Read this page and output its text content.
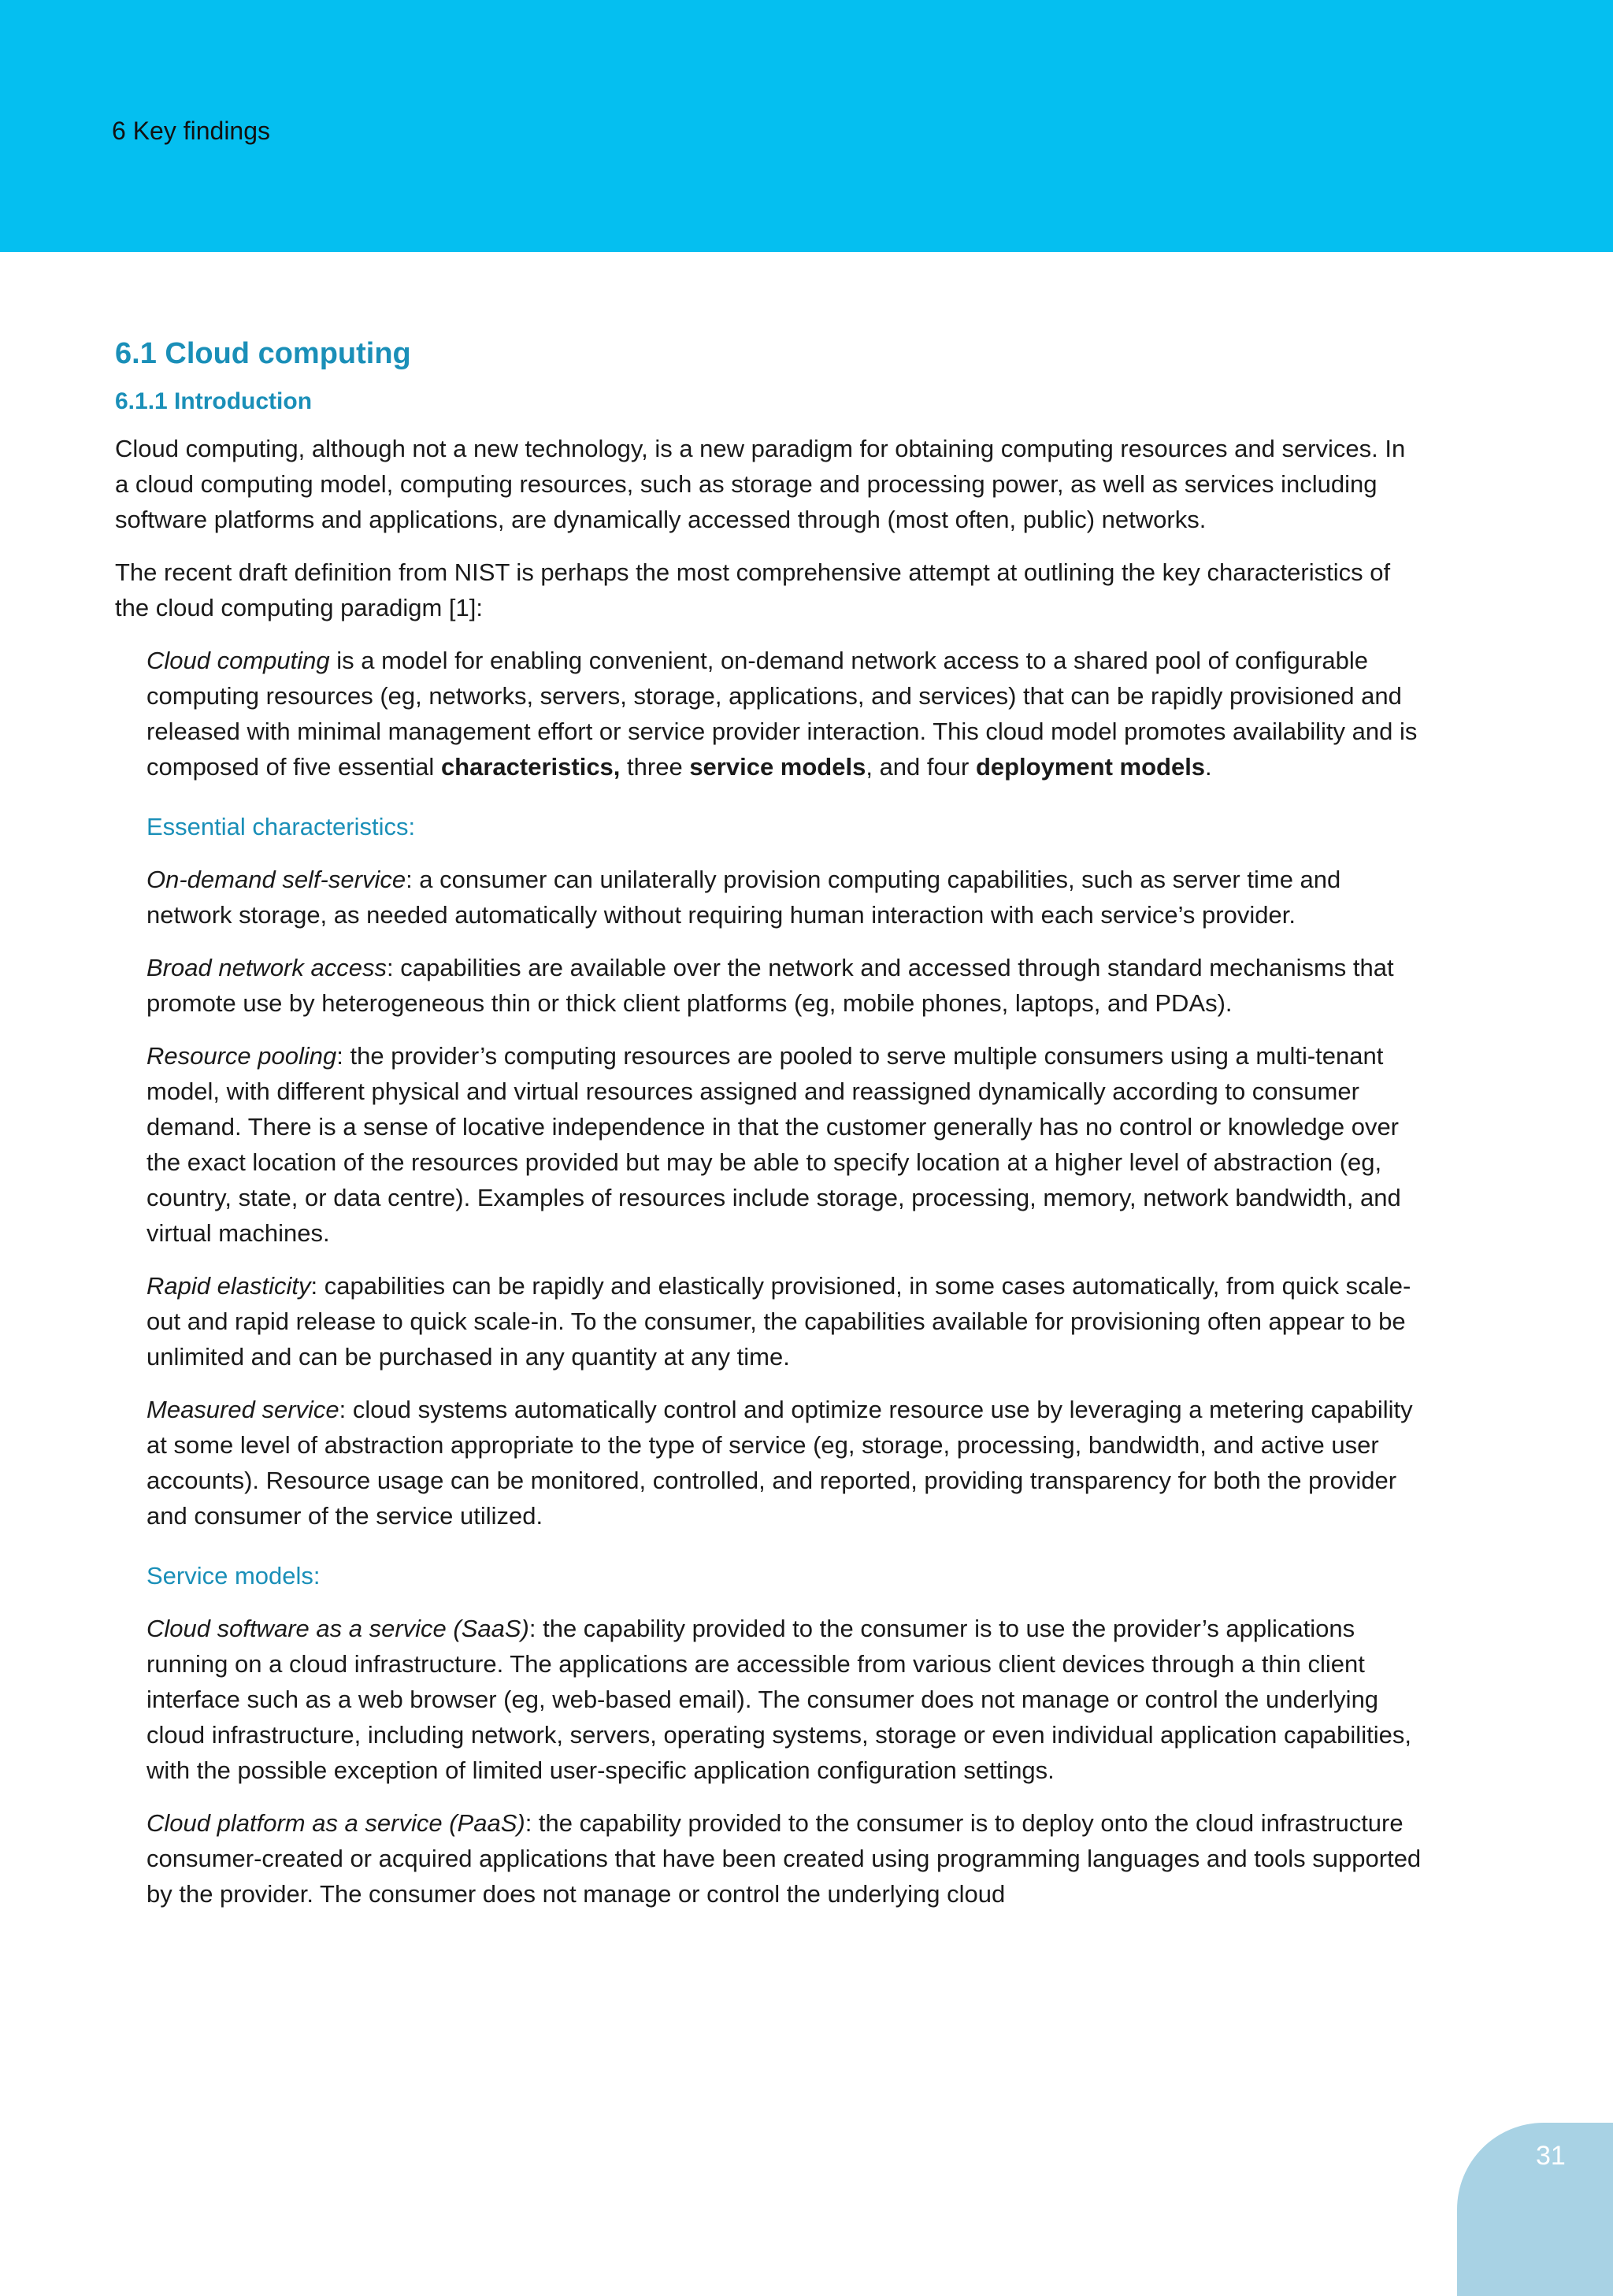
6 Key findings
6.1 Cloud computing
6.1.1 Introduction

Cloud computing, although not a new technology, is a new paradigm for obtaining computing resources and services. In a cloud computing model, computing resources, such as storage and processing power, as well as services including software platforms and applications, are dynamically accessed through (most often, public) networks.

The recent draft definition from NIST is perhaps the most comprehensive attempt at outlining the key characteristics of the cloud computing paradigm [1]:

Cloud computing is a model for enabling convenient, on-demand network access to a shared pool of configurable computing resources (eg, networks, servers, storage, applications, and services) that can be rapidly provisioned and released with minimal management effort or service provider interaction. This cloud model promotes availability and is composed of five essential characteristics, three service models, and four deployment models.

Essential characteristics:

On-demand self-service: a consumer can unilaterally provision computing capabilities, such as server time and network storage, as needed automatically without requiring human interaction with each service’s provider.

Broad network access: capabilities are available over the network and accessed through standard mechanisms that promote use by heterogeneous thin or thick client platforms (eg, mobile phones, laptops, and PDAs).

Resource pooling: the provider’s computing resources are pooled to serve multiple consumers using a multi-tenant model, with different physical and virtual resources assigned and reassigned dynamically according to consumer demand. There is a sense of locative independence in that the customer generally has no control or knowledge over the exact location of the resources provided but may be able to specify location at a higher level of abstraction (eg, country, state, or data centre). Examples of resources include storage, processing, memory, network bandwidth, and virtual machines.

Rapid elasticity: capabilities can be rapidly and elastically provisioned, in some cases automatically, from quick scale-out and rapid release to quick scale-in. To the consumer, the capabilities available for provisioning often appear to be unlimited and can be purchased in any quantity at any time.

Measured service: cloud systems automatically control and optimize resource use by leveraging a metering capability at some level of abstraction appropriate to the type of service (eg, storage, processing, bandwidth, and active user accounts). Resource usage can be monitored, controlled, and reported, providing transparency for both the provider and consumer of the service utilized.

Service models:

Cloud software as a service (SaaS): the capability provided to the consumer is to use the provider’s applications running on a cloud infrastructure. The applications are accessible from various client devices through a thin client interface such as a web browser (eg, web-based email). The consumer does not manage or control the underlying cloud infrastructure, including network, servers, operating systems, storage or even individual application capabilities, with the possible exception of limited user-specific application configuration settings.

Cloud platform as a service (PaaS): the capability provided to the consumer is to deploy onto the cloud infrastructure consumer-created or acquired applications that have been created using programming languages and tools supported by the provider. The consumer does not manage or control the underlying cloud

31
